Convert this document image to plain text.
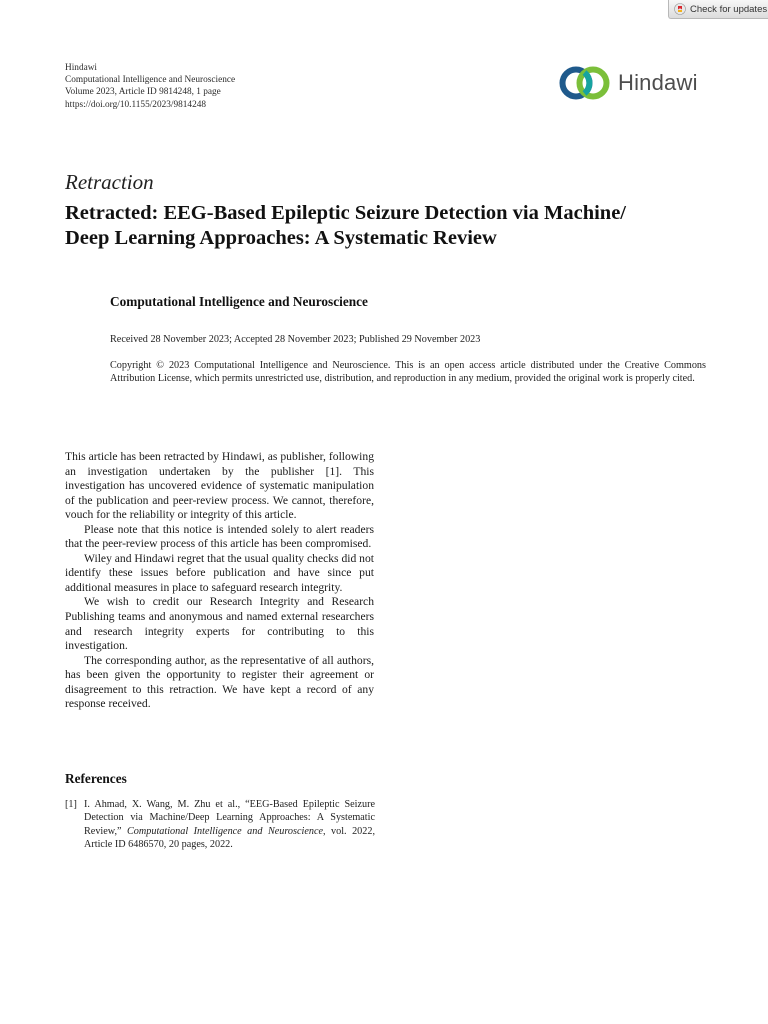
Check for updates
Hindawi
Computational Intelligence and Neuroscience
Volume 2023, Article ID 9814248, 1 page
https://doi.org/10.1155/2023/9814248
Hindawi
Retraction
Retracted: EEG-Based Epileptic Seizure Detection via Machine/
Deep Learning Approaches: A Systematic Review
Computational Intelligence and Neuroscience
Received 28 November 2023; Accepted 28 November 2023; Published 29 November 2023

Copyright © 2023 Computational Intelligence and Neuroscience. This is an open access article distributed under the Creative Commons Attribution License, which permits unrestricted use, distribution, and reproduction in any medium, provided the original work is properly cited.

This article has been retracted by Hindawi, as publisher, following an investigation undertaken by the publisher [1]. This investigation has uncovered evidence of systematic manipulation of the publication and peer-review process. We cannot, therefore, vouch for the reliability or integrity of this article.

Please note that this notice is intended solely to alert readers that the peer-review process of this article has been compromised.

Wiley and Hindawi regret that the usual quality checks did not identify these issues before publication and have since put additional measures in place to safeguard research integrity.

We wish to credit our Research Integrity and Research Publishing teams and anonymous and named external researchers and research integrity experts for contributing to this investigation.

The corresponding author, as the representative of all authors, has been given the opportunity to register their agreement or disagreement to this retraction. We have kept a record of any response received.

References
[1] I. Ahmad, X. Wang, M. Zhu et al., “EEG-Based Epileptic Seizure Detection via Machine/Deep Learning Approaches: A Systematic Review,” Computational Intelligence and Neuroscience, vol. 2022, Article ID 6486570, 20 pages, 2022.
